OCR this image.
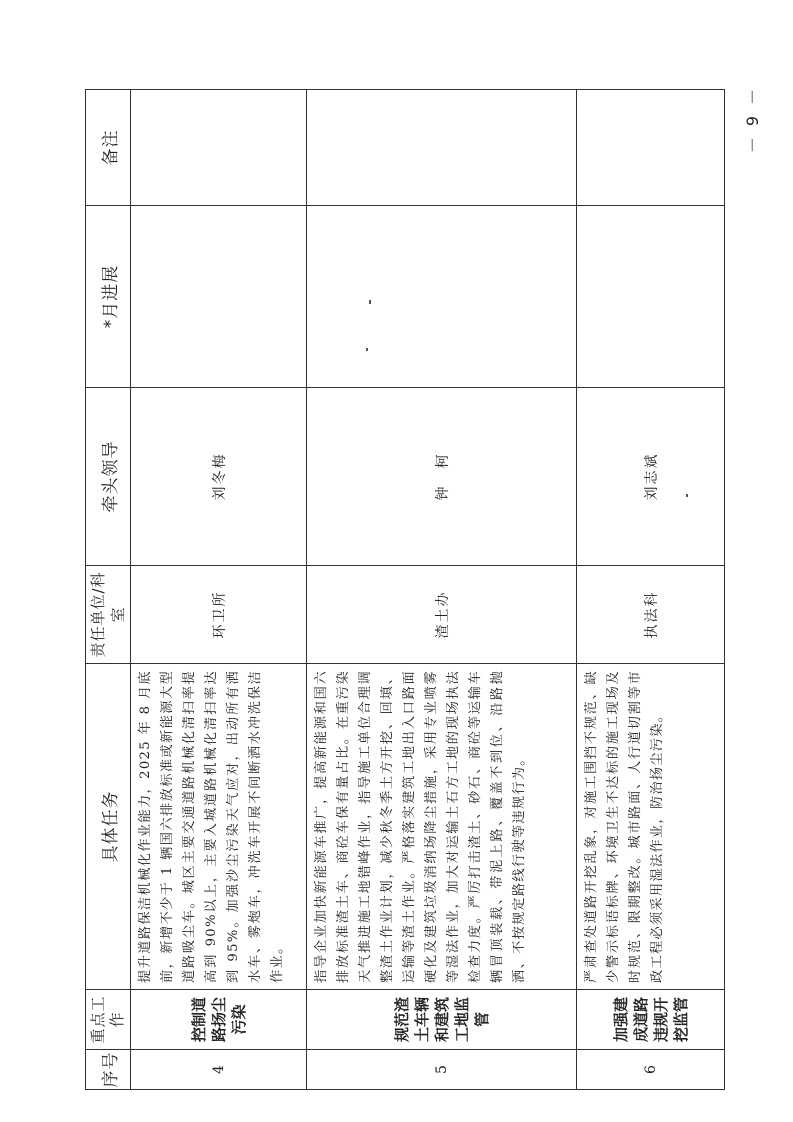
序号	重点工作	具体任务	责任单位/科室	牵头领导	*月进展	备注
4	控制道路扬尘污染	提升道路保洁机械化作业能力，2025 年 8 月底前，新增不少于 1 辆国六排放标准或新能源大型道路吸尘车。城区主要交通道路机械化清扫率提高到 90%以上，主要入城道路机械化清扫率达到 95%。加强沙尘污染天气应对，出动所有洒水车、雾炮车，冲洗车开展不间断洒水冲洗保洁作业。	环卫所	刘冬梅		
5	规范渣土车辆和建筑工地监管	指导企业加快新能源车推广，提高新能源和国六排放标准渣土车、商砼车保有量占比。在重污染天气推进施工地错峰作业，指导施工单位合理调整渣土作业计划，减少秋冬季土方开挖、回填、运输等渣土作业。严格落实建筑工地出入口路面硬化及建筑垃圾消纳场降尘措施，采用专业喷雾等湿法作业，加大对运输土石方工地的现场执法检查力度。严厉打击渣土、砂石、商砼等运输车辆冒顶装载、带泥上路、覆盖不到位、沿路抛洒、不按规定路线行驶等违规行为。	渣土办	钟　柯		
6	加强建成道路违规开挖监管	严肃查处道路开挖乱象，对施工围挡不规范、缺少警示标语标牌、环境卫生不达标的施工现场及时规范、限期整改。城市路面、人行道切割等市政工程必须采用湿法作业，防治扬尘污染。	执法科	刘志斌		
－ 9 －
